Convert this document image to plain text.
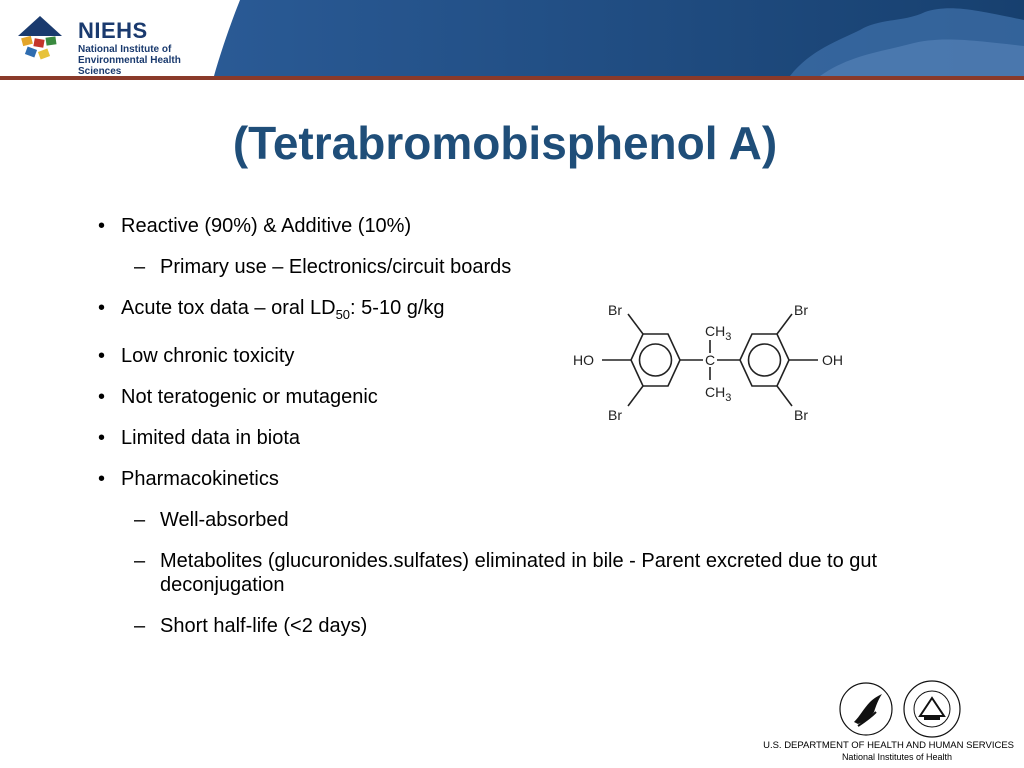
NIEHS
National Institute of
Environmental Health Sciences
(Tetrabromobisphenol A)
• Reactive (90%) & Additive (10%)
– Primary use – Electronics/circuit boards
• Acute tox data – oral $LD_{50}$: 5-10 g/kg
• Low chronic toxicity
• Not teratogenic or mutagenic
• Limited data in biota
• Pharmacokinetics
– Well-absorbed
– Metabolites (glucuronides.sulfates) eliminated in bile - Parent excreted due to gut deconjugation
– Short half-life (<2 days)
Br
Br
Br
Br
HO	OH
C
$CH_3$
$CH_3$
U.S. DEPARTMENT OF HEALTH AND HUMAN SERVICES
National Institutes of Health
